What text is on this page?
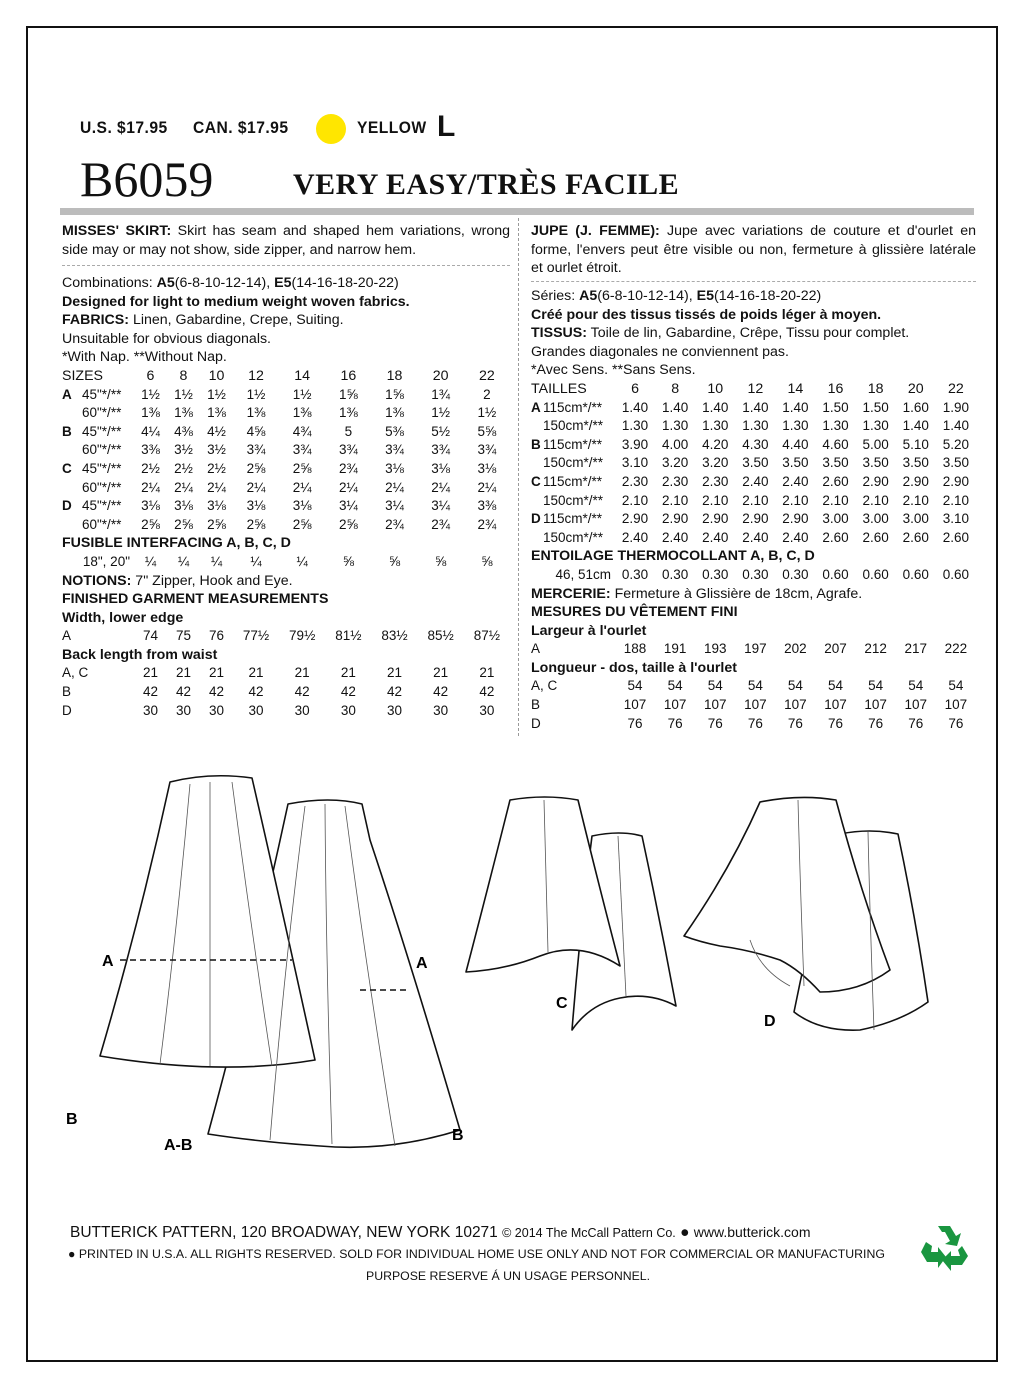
U.S. $17.95 CAN. $17.95	YELLOW L
B6059	VERY EASY/TRÈS FACILE
MISSES' SKIRT: Skirt has seam and shaped hem variations, wrong side may or may not show, side zipper, and narrow hem.
Combinations: A5(6-8-10-12-14), E5(14-16-18-20-22)
Designed for light to medium weight woven fabrics.
FABRICS: Linen, Gabardine, Crepe, Suiting.
Unsuitable for obvious diagonals.
*With Nap. **Without Nap.
SIZES		6	8	10	12	14	16	18	20	22
A	45"*/**	1½	1½	1½	1½	1½	1⅝	1⅝	1¾	2
	60"*/**	1⅜	1⅜	1⅜	1⅜	1⅜	1⅜	1⅜	1½	1½
B	45"*/**	4¼	4⅜	4½	4⅝	4¾	5	5⅜	5½	5⅝
	60"*/**	3⅜	3½	3½	3¾	3¾	3¾	3¾	3¾	3¾
C	45"*/**	2½	2½	2½	2⅝	2⅝	2¾	3⅛	3⅛	3⅛
	60"*/**	2¼	2¼	2¼	2¼	2¼	2¼	2¼	2¼	2¼
D	45"*/**	3⅛	3⅛	3⅛	3⅛	3⅛	3¼	3¼	3¼	3⅜
	60"*/**	2⅝	2⅝	2⅝	2⅝	2⅝	2⅝	2¾	2¾	2¾
FUSIBLE INTERFACING A, B, C, D										
18", 20"		¼	¼	¼	¼	¼	⅝	⅝	⅝	⅝
NOTIONS: 7" Zipper, Hook and Eye.										
FINISHED GARMENT MEASUREMENTS										
Width, lower edge										
A		74	75	76	77½	79½	81½	83½	85½	87½
Back length from waist										
A, C		21	21	21	21	21	21	21	21	21
B		42	42	42	42	42	42	42	42	42
D		30	30	30	30	30	30	30	30	30
JUPE (J. FEMME): Jupe avec variations de couture et d'ourlet en forme, l'envers peut être visible ou non, fermeture à glissière latérale et ourlet étroit.
Séries: A5(6-8-10-12-14), E5(14-16-18-20-22)
Créé pour des tissus tissés de poids léger à moyen.
TISSUS: Toile de lin, Gabardine, Crêpe, Tissu pour complet.
Grandes diagonales ne conviennent pas.
*Avec Sens. **Sans Sens.
TAILLES		6	8	10	12	14	16	18	20	22
A	115cm*/**	1.40	1.40	1.40	1.40	1.40	1.50	1.50	1.60	1.90
	150cm*/**	1.30	1.30	1.30	1.30	1.30	1.30	1.30	1.40	1.40
B	115cm*/**	3.90	4.00	4.20	4.30	4.40	4.60	5.00	5.10	5.20
	150cm*/**	3.10	3.20	3.20	3.50	3.50	3.50	3.50	3.50	3.50
C	115cm*/**	2.30	2.30	2.30	2.40	2.40	2.60	2.90	2.90	2.90
	150cm*/**	2.10	2.10	2.10	2.10	2.10	2.10	2.10	2.10	2.10
D	115cm*/**	2.90	2.90	2.90	2.90	2.90	3.00	3.00	3.00	3.10
	150cm*/**	2.40	2.40	2.40	2.40	2.40	2.60	2.60	2.60	2.60
ENTOILAGE THERMOCOLLANT A, B, C, D										
46, 51cm		0.30	0.30	0.30	0.30	0.30	0.60	0.60	0.60	0.60
MERCERIE: Fermeture à Glissière de 18cm, Agrafe.										
MESURES DU VÊTEMENT FINI										
Largeur à l'ourlet										
A		188	191	193	197	202	207	212	217	222
Longueur - dos, taille à l'ourlet										
A, C		54	54	54	54	54	54	54	54	54
B		107	107	107	107	107	107	107	107	107
D		76	76	76	76	76	76	76	76	76
A	A
B
A-B
B
C
D
BUTTERICK PATTERN, 120 BROADWAY, NEW YORK 10271 © 2014 The McCall Pattern Co. ● www.butterick.com
● PRINTED IN U.S.A. ALL RIGHTS RESERVED. SOLD FOR INDIVIDUAL HOME USE ONLY AND NOT FOR COMMERCIAL OR MANUFACTURING
PURPOSE RESERVE Á UN USAGE PERSONNEL.
